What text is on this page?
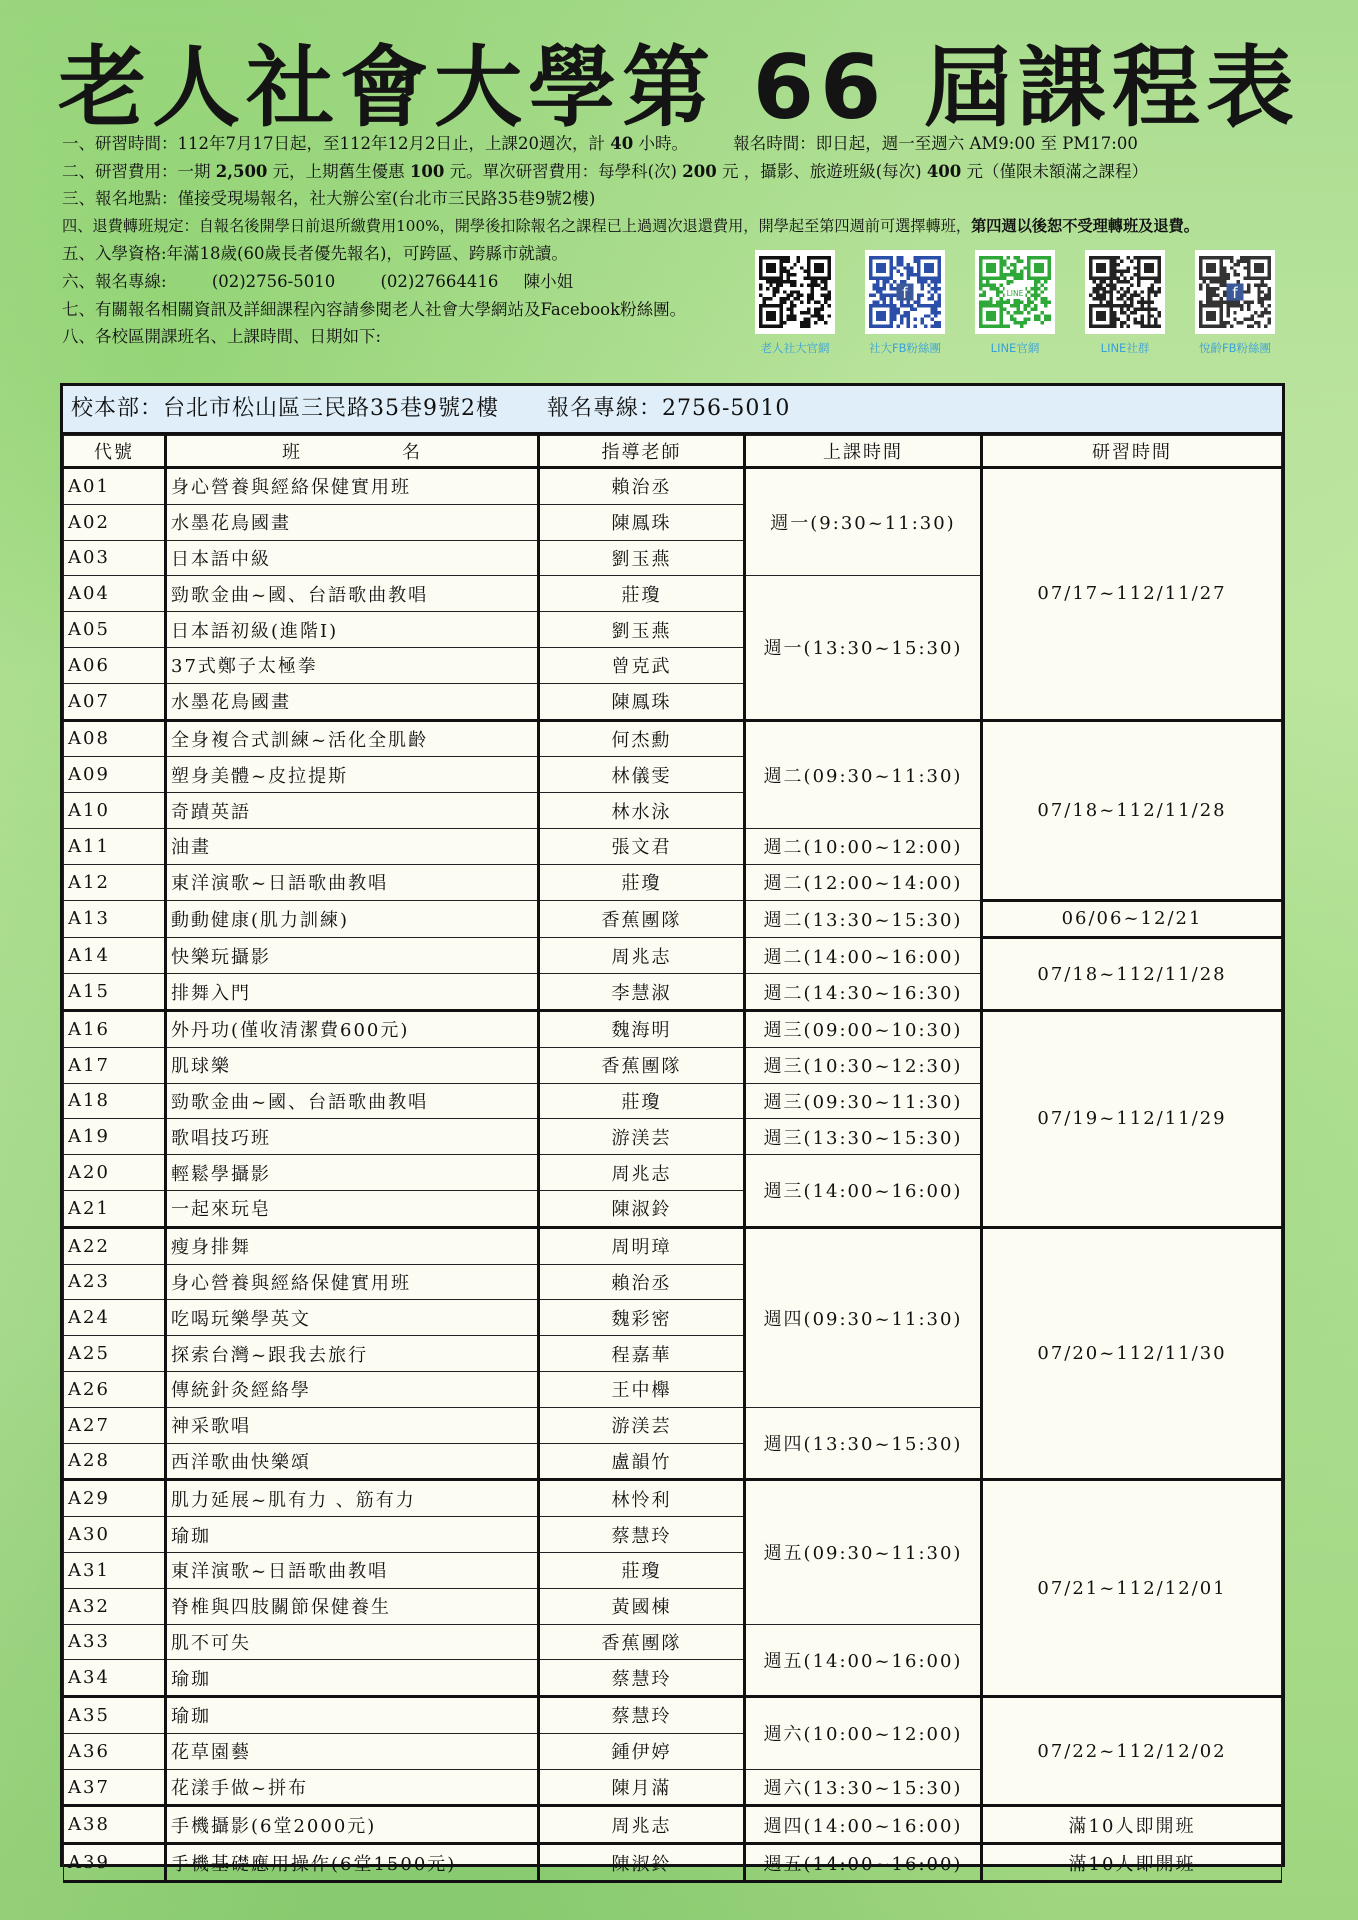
老人社會大學第 66 屆課程表
一、研習時間：112年7月17日起，至112年12月2日止，上課20週次，計 40 小時。	報名時間：即日起，週一至週六 AM9:00 至 PM17:00
二、研習費用：一期 2,500 元，上期舊生優惠 100 元。單次研習費用：每學科(次) 200 元 ，攝影、旅遊班級(每次) 400 元（僅限未額滿之課程）
三、報名地點：僅接受現場報名，社大辦公室(台北市三民路35巷9號2樓)
四、退費轉班規定：自報名後開學日前退所繳費用100%，開學後扣除報名之課程已上過週次退還費用，開學起至第四週前可選擇轉班，第四週以後恕不受理轉班及退費。
五、入學資格:年滿18歲(60歲長者優先報名)，可跨區、跨縣市就讀。
六、報名專線:	(02)2756-5010	(02)27664416 陳小姐
七、有關報名相關資訊及詳細課程內容請參閱老人社會大學網站及Facebook粉絲團。
八、各校區開課班名、上課時間、日期如下:
老人社大官網
f
社大FB粉絲團
LINE
LINE官網	LINE社群
f
悅齡FB粉絲團
校本部：台北市松山區三民路35巷9號2樓 報名專線：2756-5010
代號	班　　　　　名	指導老師	上課時間	研習時間
A01	身心營養與經絡保健實用班	賴治丞	週一(9:30~11:30)	07/17~112/11/27
A02	水墨花鳥國畫	陳鳳珠		
A03	日本語中級	劉玉燕		
A04	勁歌金曲~國、台語歌曲教唱	莊瓊	週一(13:30~15:30)	
A05	日本語初級(進階Ⅰ)	劉玉燕		
A06	37式鄭子太極拳	曾克武		
A07	水墨花鳥國畫	陳鳳珠		
A08	全身複合式訓練~活化全肌齡	何杰勳	週二(09:30~11:30)	07/18~112/11/28
A09	塑身美體~皮拉提斯	林儀雯		
A10	奇蹟英語	林水泳		
A11	油畫	張文君	週二(10:00~12:00)	
A12	東洋演歌~日語歌曲教唱	莊瓊	週二(12:00~14:00)	
A13	動動健康(肌力訓練)	香蕉團隊	週二(13:30~15:30)	06/06~12/21
A14	快樂玩攝影	周兆志	週二(14:00~16:00)	07/18~112/11/28
A15	排舞入門	李慧淑	週二(14:30~16:30)	
A16	外丹功(僅收清潔費600元)	魏海明	週三(09:00~10:30)	07/19~112/11/29
A17	肌球樂	香蕉團隊	週三(10:30~12:30)	
A18	勁歌金曲~國、台語歌曲教唱	莊瓊	週三(09:30~11:30)	
A19	歌唱技巧班	游渼芸	週三(13:30~15:30)	
A20	輕鬆學攝影	周兆志	週三(14:00~16:00)	
A21	一起來玩皂	陳淑鈴		
A22	瘦身排舞	周明璋	週四(09:30~11:30)	07/20~112/11/30
A23	身心營養與經絡保健實用班	賴治丞		
A24	吃喝玩樂學英文	魏彩密		
A25	探索台灣~跟我去旅行	程嘉華		
A26	傳統針灸經絡學	王中櫸		
A27	神采歌唱	游渼芸	週四(13:30~15:30)	
A28	西洋歌曲快樂頌	盧韻竹		
A29	肌力延展~肌有力 、筋有力	林怜利	週五(09:30~11:30)	07/21~112/12/01
A30	瑜珈	蔡慧玲		
A31	東洋演歌~日語歌曲教唱	莊瓊		
A32	脊椎與四肢關節保健養生	黃國棟		
A33	肌不可失	香蕉團隊	週五(14:00~16:00)	
A34	瑜珈	蔡慧玲		
A35	瑜珈	蔡慧玲	週六(10:00~12:00)	07/22~112/12/02
A36	花草園藝	鍾伊婷		
A37	花漾手做~拼布	陳月滿	週六(13:30~15:30)	
A38	手機攝影(6堂2000元)	周兆志	週四(14:00~16:00)	滿10人即開班
A39	手機基礎應用操作(6堂1500元)	陳淑鈴	週五(14:00~16:00)	滿10人即開班
